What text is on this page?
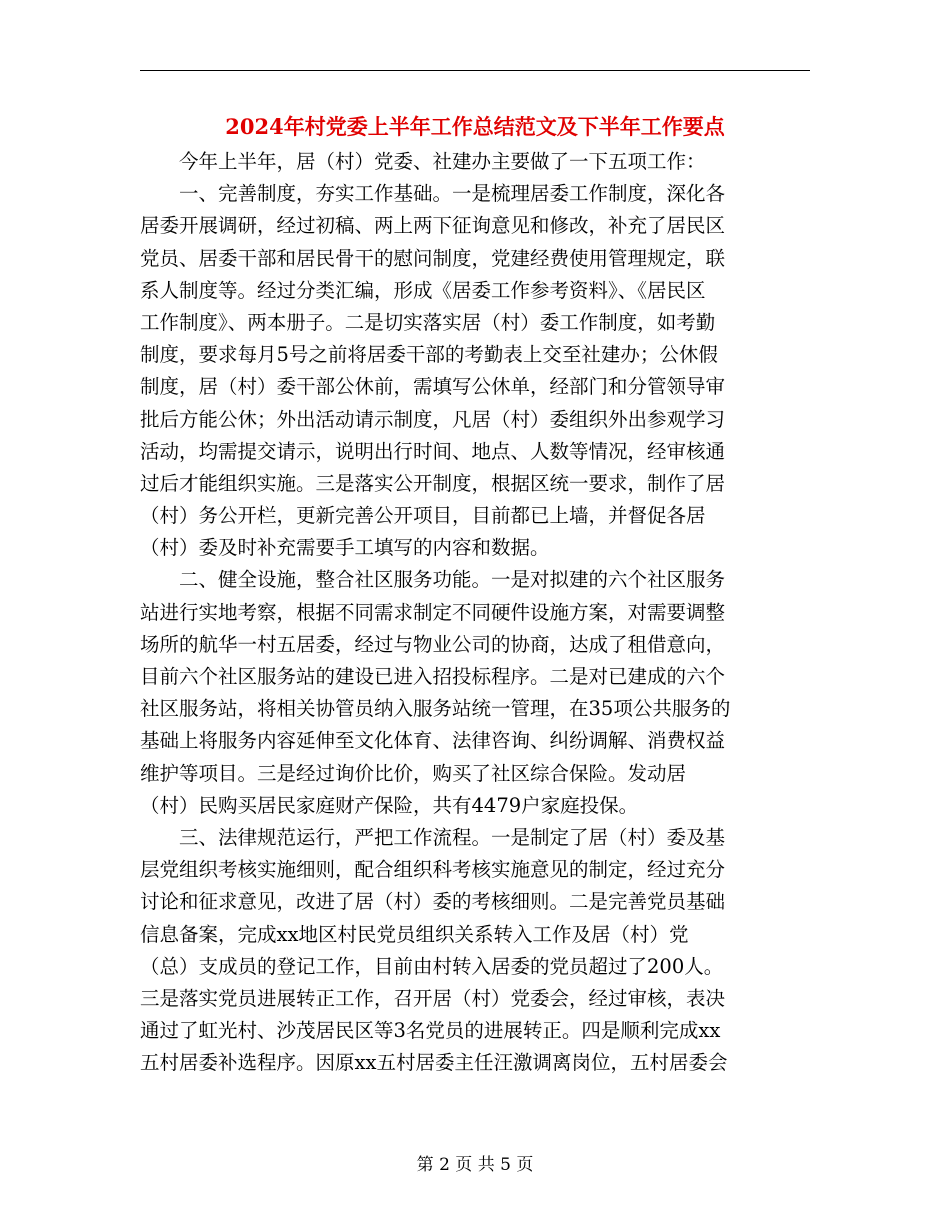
2024年村党委上半年工作总结范文及下半年工作要点
今年上半年，居（村）党委、社建办主要做了一下五项工作：
一、完善制度，夯实工作基础。一是梳理居委工作制度，深化各
居委开展调研，经过初稿、两上两下征询意见和修改，补充了居民区
党员、居委干部和居民骨干的慰问制度，党建经费使用管理规定，联
系人制度等。经过分类汇编，形成《居委工作参考资料》、《居民区
工作制度》、两本册子。二是切实落实居（村）委工作制度，如考勤
制度，要求每月5号之前将居委干部的考勤表上交至社建办；公休假
制度，居（村）委干部公休前，需填写公休单，经部门和分管领导审
批后方能公休；外出活动请示制度，凡居（村）委组织外出参观学习
活动，均需提交请示，说明出行时间、地点、人数等情况，经审核通
过后才能组织实施。三是落实公开制度，根据区统一要求，制作了居
（村）务公开栏，更新完善公开项目，目前都已上墙，并督促各居
（村）委及时补充需要手工填写的内容和数据。
二、健全设施，整合社区服务功能。一是对拟建的六个社区服务
站进行实地考察，根据不同需求制定不同硬件设施方案，对需要调整
场所的航华一村五居委，经过与物业公司的协商，达成了租借意向，
目前六个社区服务站的建设已进入招投标程序。二是对已建成的六个
社区服务站，将相关协管员纳入服务站统一管理，在35项公共服务的
基础上将服务内容延伸至文化体育、法律咨询、纠纷调解、消费权益
维护等项目。三是经过询价比价，购买了社区综合保险。发动居
（村）民购买居民家庭财产保险，共有4479户家庭投保。
三、法律规范运行，严把工作流程。一是制定了居（村）委及基
层党组织考核实施细则，配合组织科考核实施意见的制定，经过充分
讨论和征求意见，改进了居（村）委的考核细则。二是完善党员基础
信息备案，完成xx地区村民党员组织关系转入工作及居（村）党
（总）支成员的登记工作，目前由村转入居委的党员超过了200人。
三是落实党员进展转正工作，召开居（村）党委会，经过审核，表决
通过了虹光村、沙茂居民区等3名党员的进展转正。四是顺利完成xx
五村居委补选程序。因原xx五村居委主任汪激调离岗位，五村居委会
第 2 页 共 5 页
